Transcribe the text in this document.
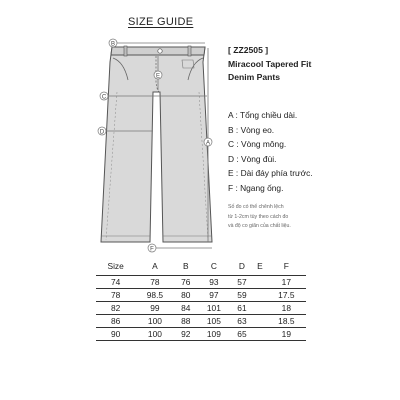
SIZE GUIDE
B
E
C
D
A
F
[ ZZ2505 ]
Miracool Tapered Fit
Denim Pants
A : Tổng chiều dài.
B : Vòng eo.
C : Vòng mông.
D : Vòng đùi.
E : Dài đáy phía trước.
F : Ngang ống.
Số đo có thể chênh lệch
từ 1-2cm tùy theo cách đo
và độ co giãn của chất liệu.
Size	A	B	C	D	E	F
74	78	76	93	57		17
78	98.5	80	97	59		17.5
82	99	84	101	61		18
86	100	88	105	63		18.5
90	100	92	109	65		19
